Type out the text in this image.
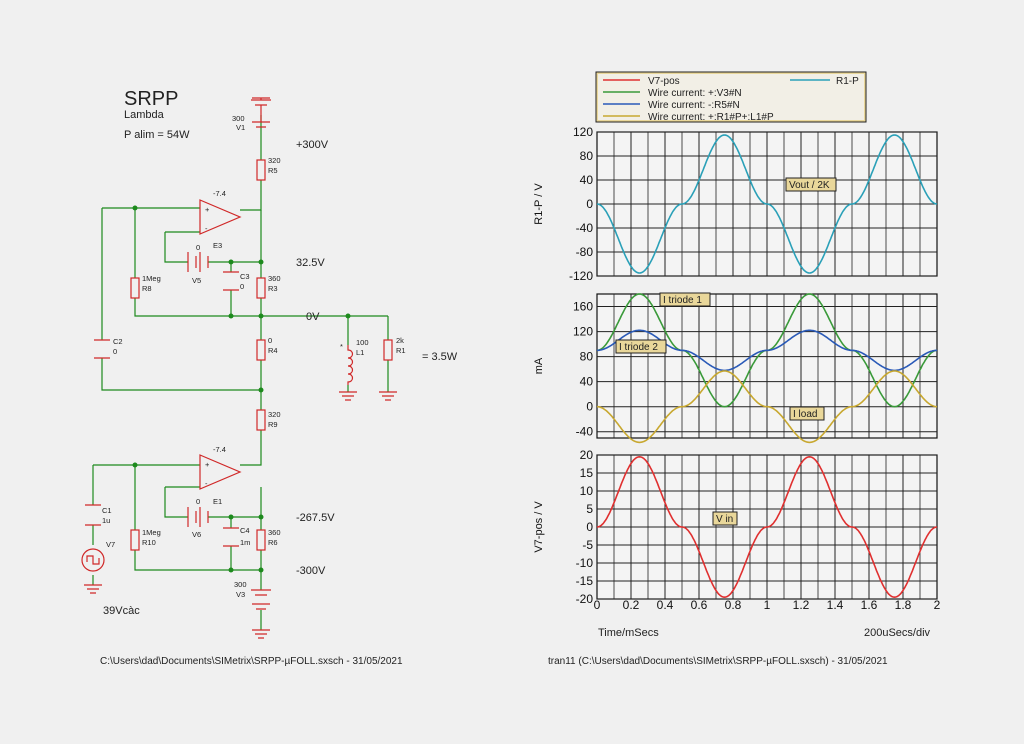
SRPP
Lambda
P alim = 54W
300
V1
320
R5
+300V
+
-
-7.4
E3
0
V5	C3
0
360
R3
32.5V
1Meg
R8
C2
0
0V
0
R4	* 100
L1
2k
R1
= 3.5W
320
R9
+
-
-7.4
E1
0
V6	C4
1m
360
R6
-267.5V
-300V
C1
1u
V7
39Vcàc
1Meg
R10
300
V3
C:\Users\dad\Documents\SIMetrix\SRPP-µFOLL.sxsch - 31/05/2021
V7-pos	R1-P
Wire current: +:V3#N
Wire current: -:R5#N
Wire current: +:R1#P+:L1#P
120
80
40
0
-40
-80
-120
R1-P / V
160
120
80
40
0
-40
mA
20
15
10
5
0
-5
-10
-15
-20
V7-pos / V
0 0.2 0.4 0.6 0.8 1 1.2 1.4 1.6 1.8 2
Vout / 2K
I triode 1
I triode 2
I load
V in
Time/mSecs	200uSecs/div
tran11 (C:\Users\dad\Documents\SIMetrix\SRPP-µFOLL.sxsch) - 31/05/2021
